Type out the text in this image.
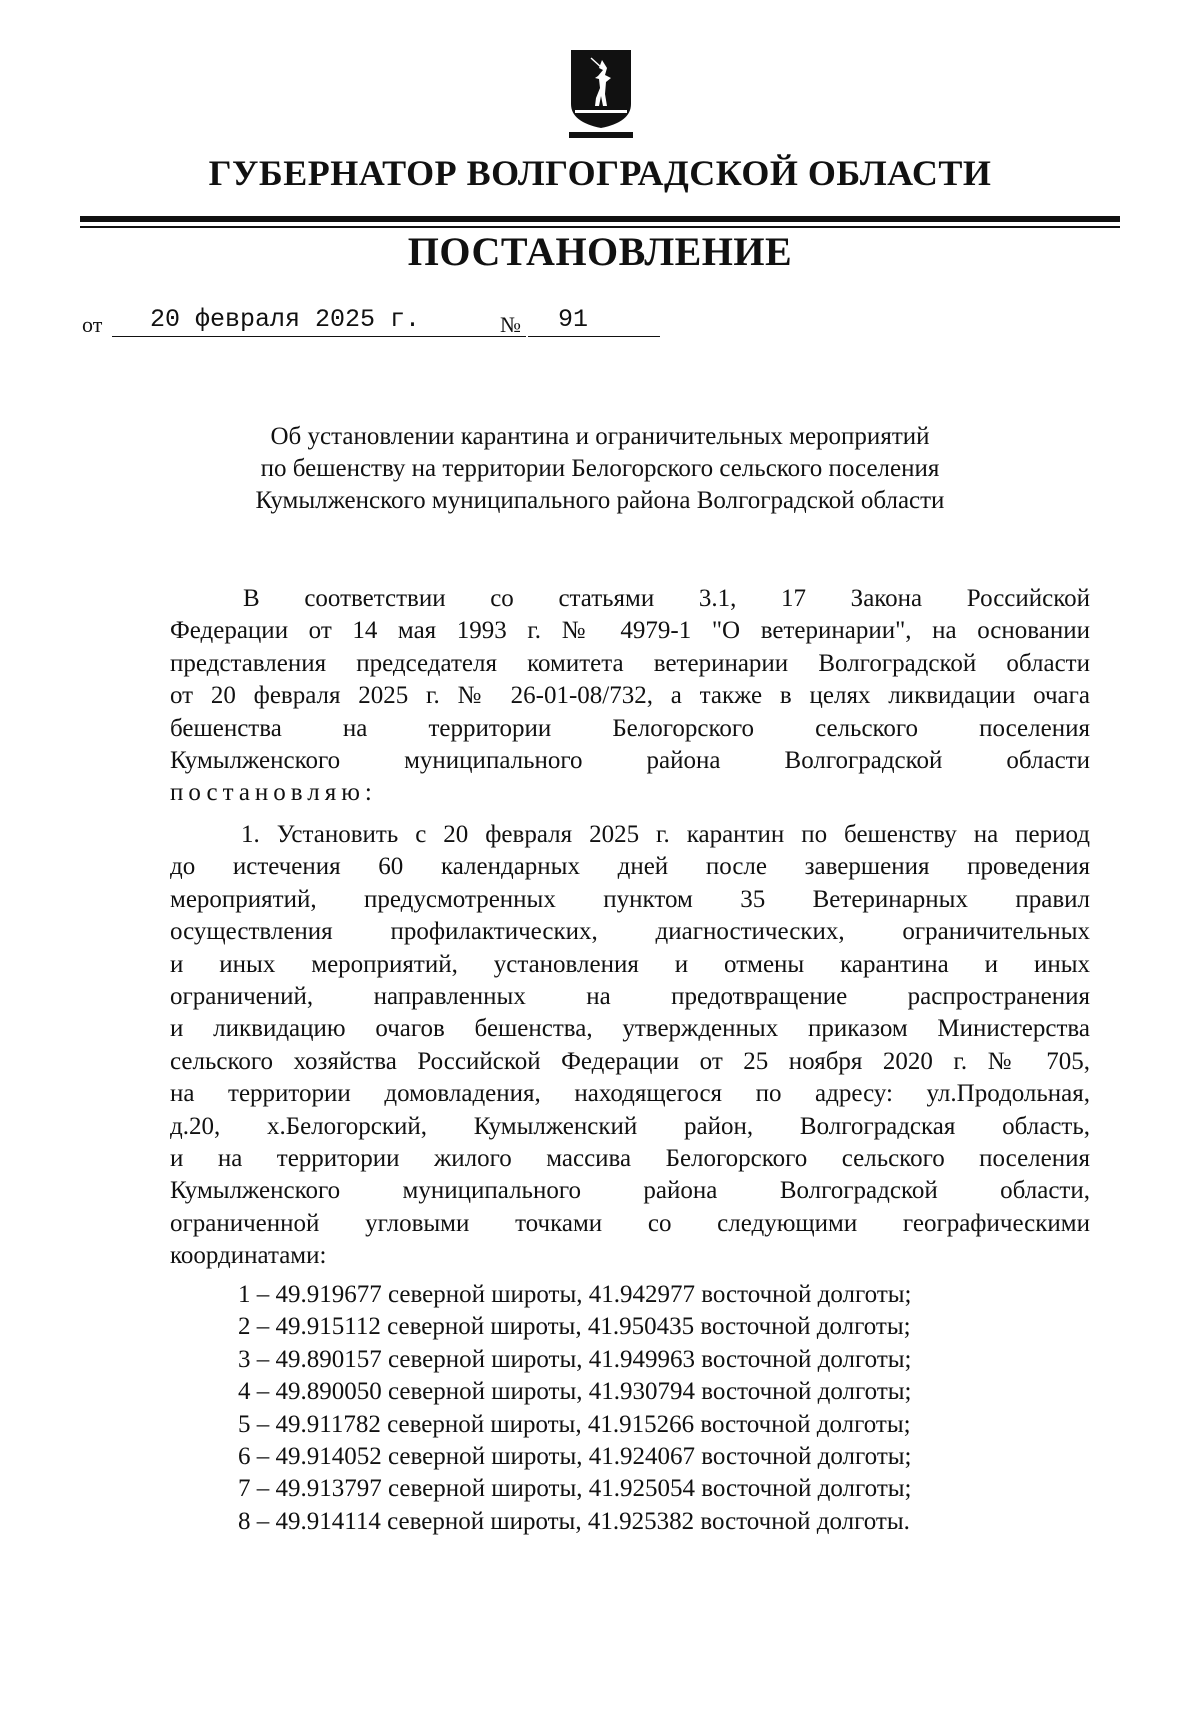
ГУБЕРНАТОР ВОЛГОГРАДСКОЙ ОБЛАСТИ
ПОСТАНОВЛЕНИЕ
от	20 февраля 2025 г.	№	91
Об установлении карантина и ограничительных мероприятий
по бешенству на территории Белогорского сельского поселения
Кумылженского муниципального района Волгоградской области
В соответствии со статьями 3.1, 17 Закона Российской
Федерации от 14 мая 1993 г. № 4979-1 "О ветеринарии", на основании
представления председателя комитета ветеринарии Волгоградской области
от 20 февраля 2025 г. № 26-01-08/732, а также в целях ликвидации очага
бешенства на территории Белогорского сельского поселения
Кумылженского муниципального района Волгоградской области
постановляю:
1. Установить с 20 февраля 2025 г. карантин по бешенству на период
до истечения 60 календарных дней после завершения проведения
мероприятий, предусмотренных пунктом 35 Ветеринарных правил
осуществления профилактических, диагностических, ограничительных
и иных мероприятий, установления и отмены карантина и иных
ограничений, направленных на предотвращение распространения
и ликвидацию очагов бешенства, утвержденных приказом Министерства
сельского хозяйства Российской Федерации от 25 ноября 2020 г. № 705,
на территории домовладения, находящегося по адресу: ул.Продольная,
д.20, х.Белогорский, Кумылженский район, Волгоградская область,
и на территории жилого массива Белогорского сельского поселения
Кумылженского муниципального района Волгоградской области,
ограниченной угловыми точками со следующими географическими
координатами:
1 – 49.919677 северной широты, 41.942977 восточной долготы;
2 – 49.915112 северной широты, 41.950435 восточной долготы;
3 – 49.890157 северной широты, 41.949963 восточной долготы;
4 – 49.890050 северной широты, 41.930794 восточной долготы;
5 – 49.911782 северной широты, 41.915266 восточной долготы;
6 – 49.914052 северной широты, 41.924067 восточной долготы;
7 – 49.913797 северной широты, 41.925054 восточной долготы;
8 – 49.914114 северной широты, 41.925382 восточной долготы.
